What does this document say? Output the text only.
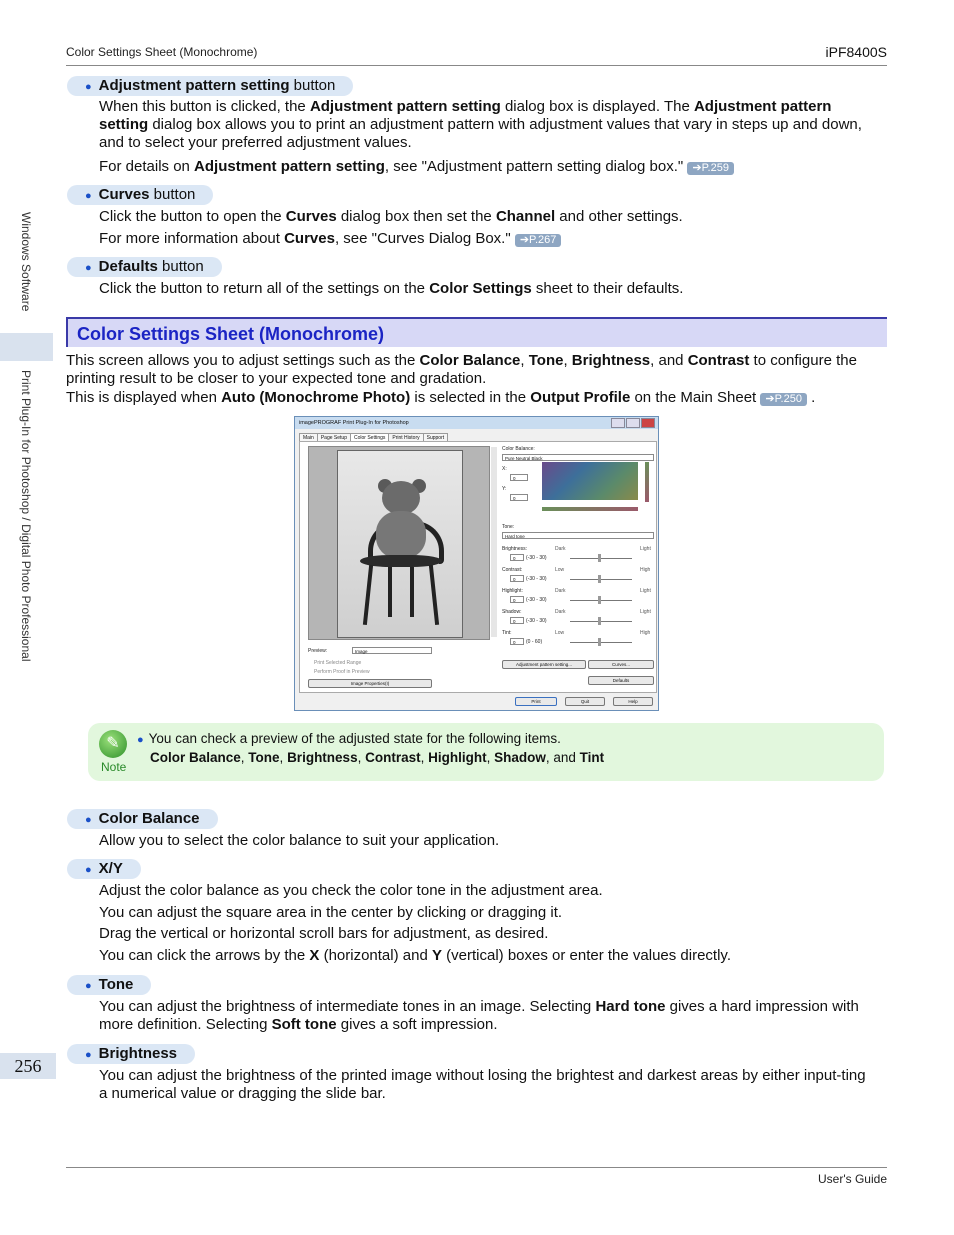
Color Settings Sheet (Monochrome)	iPF8400S
Windows Software
Print Plug-In for Photoshop / Digital Photo Professional
256
User's Guide
● Adjustment pattern setting button
When this button is clicked, the Adjustment pattern setting dialog box is displayed. The Adjustment pattern setting dialog box allows you to print an adjustment pattern with adjustment values that vary in steps up and down, and to select your preferred adjustment values.
For details on Adjustment pattern setting, see "Adjustment pattern setting dialog box." ➔P.259
● Curves button
Click the button to open the Curves dialog box then set the Channel and other settings.
For more information about Curves, see "Curves Dialog Box." ➔P.267
● Defaults button
Click the button to return all of the settings on the Color Settings sheet to their defaults.
Color Settings Sheet (Monochrome)
This screen allows you to adjust settings such as the Color Balance, Tone, Brightness, and Contrast to configure the printing result to be closer to your expected tone and gradation.
This is displayed when Auto (Monochrome Photo) is selected in the Output Profile on the Main Sheet ➔P.250 .
imagePROGRAF Print Plug-In for Photoshop
Main Page Setup Color Settings Print History Support
Preview:	Image
Print Selected Range
Perform Proof in Preview
Image Properties(I)
Color Balance:
Pure Neutral Black
X:
0
Y:
0
Tone:
Hard tone
Brightness:
0	(-30 - 30)
Dark	Light
Contrast:
0	(-30 - 30)
Low	High
Highlight:
0	(-30 - 30)
Dark	Light
Shadow:
0	(-30 - 30)
Dark	Light
Tint:
0	(0 - 60)
Low	High
Adjustment pattern setting...	Curves...
Defaults
Print	Quit	Help
✎
Note
● You can check a preview of the adjusted state for the following items.
Color Balance, Tone, Brightness, Contrast, Highlight, Shadow, and Tint
● Color Balance
Allow you to select the color balance to suit your application.
● X/Y
Adjust the color balance as you check the color tone in the adjustment area.
You can adjust the square area in the center by clicking or dragging it.
Drag the vertical or horizontal scroll bars for adjustment, as desired.
You can click the arrows by the X (horizontal) and Y (vertical) boxes or enter the values directly.
● Tone
You can adjust the brightness of intermediate tones in an image. Selecting Hard tone gives a hard impression with more definition. Selecting Soft tone gives a soft impression.
● Brightness
You can adjust the brightness of the printed image without losing the brightest and darkest areas by either input-ting a numerical value or dragging the slide bar.
